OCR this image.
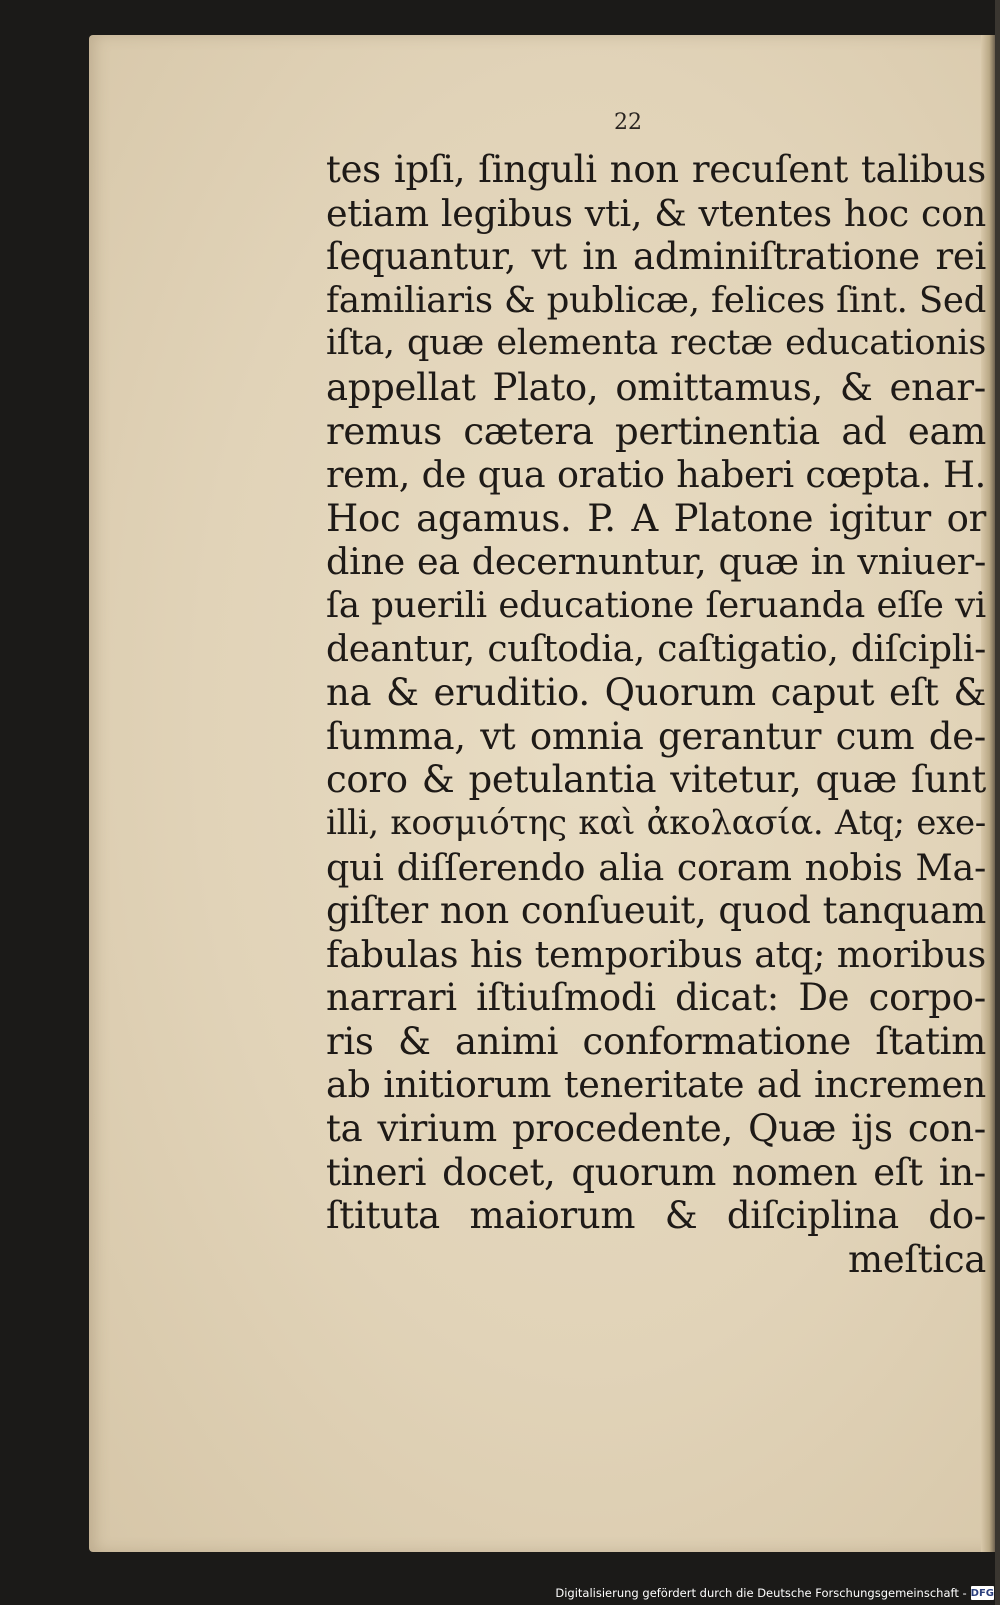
22
tes ipſi, ſinguli non recuſent talibus
etiam legibus vti, & vtentes hoc con
ſequantur, vt in adminiſtratione rei
familiaris & publicæ, felices ſint. Sed
iſta, quæ elementa rectæ educationis
appellat Plato, omittamus, & enar-
remus cætera pertinentia ad eam
rem, de qua oratio haberi cœpta. H.
Hoc agamus. P. A Platone igitur or
dine ea decernuntur, quæ in vniuer-
ſa puerili educatione ſeruanda eſſe vi
deantur, cuſtodia, caſtigatio, diſcipli-
na & eruditio. Quorum caput eſt &
ſumma, vt omnia gerantur cum de-
coro & petulantia vitetur, quæ ſunt
illi, κοσμιότης καὶ ἀκολασία. Atq; exe-
qui diſſerendo alia coram nobis Ma-
giſter non conſueuit, quod tanquam
fabulas his temporibus atq; moribus
narrari iſtiuſmodi dicat: De corpo-
ris & animi conformatione ſtatim
ab initiorum teneritate ad incremen
ta virium procedente, Quæ ijs con-
tineri docet, quorum nomen eſt in-
ſtituta maiorum & diſciplina do-
meſtica
Digitalisierung gefördert durch die Deutsche Forschungsgemeinschaft - DFG
